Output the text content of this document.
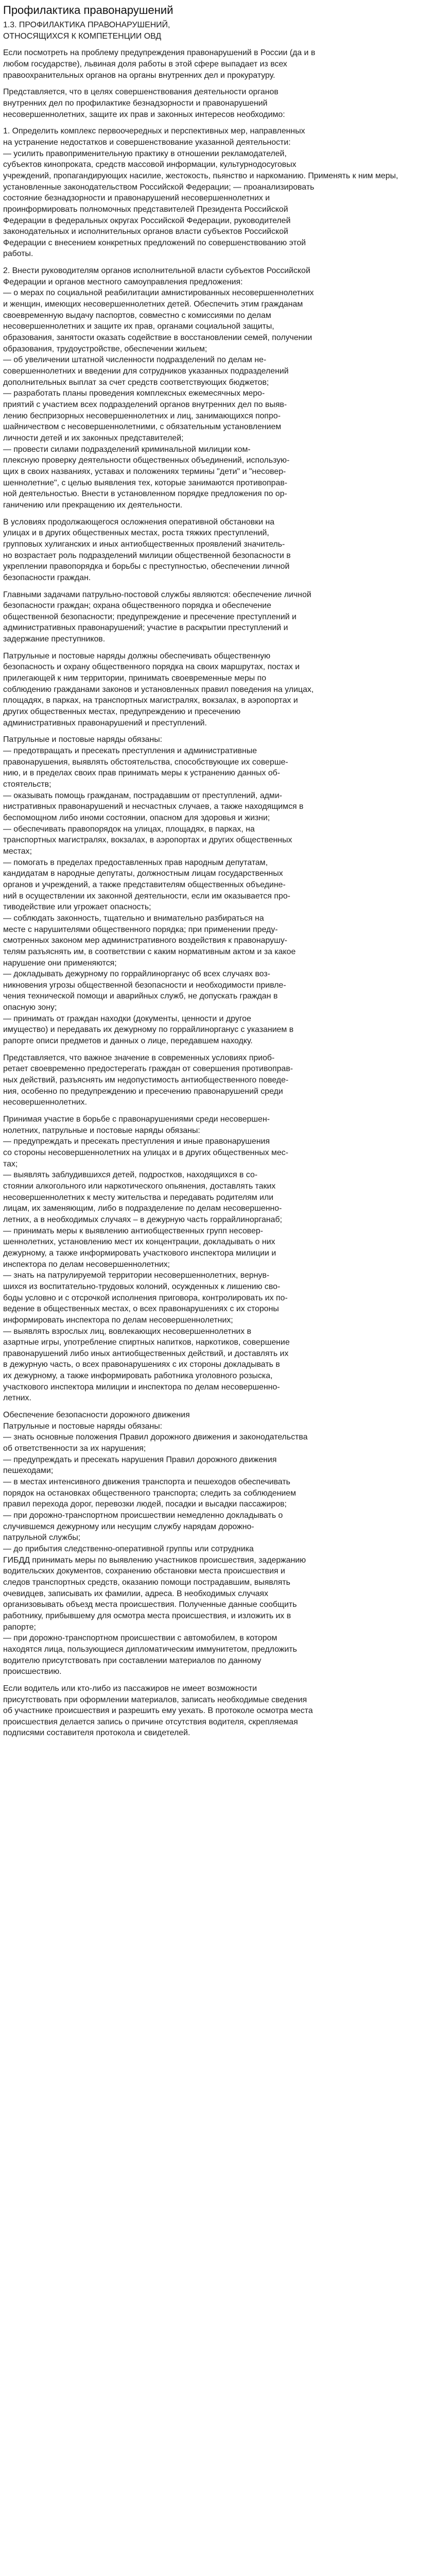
Профилактика правонарушений
1.3. ПРОФИЛАКТИКА ПРАВОНАРУШЕНИЙ,
ОТНОСЯЩИХСЯ К КОМПЕТЕНЦИИ ОВД
Если посмотреть на проблему предупреждения правонарушений в России (да и в
любом государстве), львиная доля работы в этой сфере выпадает из всех
правоохранительных органов на органы внутренних дел и прокуратуру.
Представляется, что в целях совершенствования деятельности органов
внутренних дел по профилактике безнадзорности и правонарушений
несовершеннолетних, защите их прав и законных интересов необходимо:
1. Определить комплекс первоочередных и перспективных мер, направленных
на устранение недостатков и совершенствование указанной деятельности:
— усилить правоприменительную практику в отношении рекламодателей,
субъектов кинопроката, средств массовой информации, культурнодосуговых
учреждений, пропагандирующих насилие, жестокость, пьянство и наркоманию. Применять к ним меры,
установленные законодательством Российской Федерации; — проанализировать
состояние безнадзорности и правонарушений несовершеннолетних и
проинформировать полномочных представителей Президента Российской
Федерации в федеральных округах Российской Федерации, руководителей
законодательных и исполнительных органов власти субъектов Российской
Федерации с внесением конкретных предложений по совершенствованию этой
работы.
2. Внести руководителям органов исполнительной власти субъектов Российской
Федерации и органов местного самоуправления предложения:
— о мерах по социальной реабилитации амнистированных несовершеннолетних
и женщин, имеющих несовершеннолетних детей. Обеспечить этим гражданам
своевременную выдачу паспортов, совместно с комиссиями по делам
несовершеннолетних и защите их прав, органами социальной защиты,
образования, занятости оказать содействие в восстановлении семей, получении
образования, трудоустройстве, обеспечении жильем;
— об увеличении штатной численности подразделений по делам не-
совершеннолетних и введении для сотрудников указанных подразделений
дополнительных выплат за счет средств соответствующих бюджетов;
— разработать планы проведения комплексных ежемесячных меро-
приятий с участием всех подразделений органов внутренних дел по выяв-
лению беспризорных несовершеннолетних и лиц, занимающихся попро-
шайничеством с несовершеннолетними, с обязательным установлением
личности детей и их законных представителей;
— провести силами подразделений криминальной милиции ком-
плексную проверку деятельности общественных объединений, использую-
щих в своих названиях, уставах и положениях термины "дети" и "несовер-
шеннолетние", с целью выявления тех, которые занимаются противоправ-
ной деятельностью. Внести в установленном порядке предложения по ор-
ганичению или прекращению их деятельности.
В условиях продолжающегося осложнения оперативной обстановки на
улицах и в других общественных местах, роста тяжких преступлений,
групповых хулиганских и иных антиобщественных проявлений значитель-
но возрастает роль подразделений милиции общественной безопасности в
укреплении правопорядка и борьбы с преступностью, обеспечении личной
безопасности граждан.
Главными задачами патрульно-постовой службы являются: обеспечение личной
безопасности граждан; охрана общественного порядка и обеспечение
общественной безопасности; предупреждение и пресечение преступлений и
административных правонарушений; участие в раскрытии преступлений и
задержание преступников.
Патрульные и постовые наряды должны обеспечивать общественную
безопасность и охрану общественного порядка на своих маршрутах, постах и
прилегающей к ним территории, принимать своевременные меры по
соблюдению гражданами законов и установленных правил поведения на улицах,
площадях, в парках, на транспортных магистралях, вокзалах, в аэропортах и
других общественных местах, предупреждению и пресечению
административных правонарушений и преступлений.
Патрульные и постовые наряды обязаны:
— предотвращать и пресекать преступления и административные
правонарушения, выявлять обстоятельства, способствующие их соверше-
нию, и в пределах своих прав принимать меры к устранению данных об-
стоятельств;
— оказывать помощь гражданам, пострадавшим от преступлений, адми-
нистративных правонарушений и несчастных случаев, а также находящимся в
беспомощном либо иноми состоянии, опасном для здоровья и жизни;
— обеспечивать правопорядок на улицах, площадях, в парках, на
транспортных магистралях, вокзалах, в аэропортах и других общественных
местах;
— помогать в пределах предоставленных прав народным депутатам,
кандидатам в народные депутаты, должностным лицам государственных
органов и учреждений, а также представителям общественных объедине-
ний в осуществлении их законной деятельности, если им оказывается про-
тиводействие или угрожает опасность;
— соблюдать законность, тщательно и внимательно разбираться на
месте с нарушителями общественного порядка; при применении преду-
смотренных законом мер административного воздействия к правонарушу-
телям разъяснять им, в соответствии с каким нормативным актом и за какое
нарушение они применяются;
— докладывать дежурному по горрайлинорганус об всех случаях воз-
никновения угрозы общественной безопасности и необходимости привле-
чения технической помощи и аварийных служб, не допускать граждан в
опасную зону;
— принимать от граждан находки (документы, ценности и другое
имущество) и передавать их дежурному по горрайлинорганус с указанием в
рапорте описи предметов и данных о лице, передавшем находку.
Представляется, что важное значение в современных условиях приоб-
ретает своевременно предостерегать граждан от совершения противоправ-
ных действий, разъяснять им недопустимость антиобщественного поведе-
ния, особенно по предупреждению и пресечению правонарушений среди
несовершеннолетних.
Принимая участие в борьбе с правонарушениями среди несовершен-
нолетних, патрульные и постовые наряды обязаны:
— предупреждать и пресекать преступления и иные правонарушения
со стороны несовершеннолетних на улицах и в других общественных мес-
тах;
— выявлять заблудившихся детей, подростков, находящихся в со-
стоянии алкогольного или наркотического опьянения, доставлять таких
несовершеннолетних к месту жительства и передавать родителям или
лицам, их заменяющим, либо в подразделение по делам несовершенно-
летних, а в необходимых случаях – в дежурную часть горрайлинорганаб;
— принимать меры к выявлению антиобщественных групп несовер-
шеннолетних, установлению мест их концентрации, докладывать о них
дежурному, а также информировать участкового инспектора милиции и
инспектора по делам несовершеннолетних;
— знать на патрулируемой территории несовершеннолетних, вернув-
шихся из воспитательно-трудовых колоний, осужденных к лишению сво-
боды условно и с отсрочкой исполнения приговора, контролировать их по-
ведение в общественных местах, о всех правонарушениях с их стороны
информировать инспектора по делам несовершеннолетних;
— выявлять взрослых лиц, вовлекающих несовершеннолетних в
азартные игры, употребление спиртных напитков, наркотиков, совершение
правонарушений либо иных антиобщественных действий, и доставлять их
в дежурную часть, о всех правонарушениях с их стороны докладывать в
их дежурному, а также информировать работника уголовного розыска,
участкового инспектора милиции и инспектора по делам несовершенно-
летних.
Обеспечение безопасности дорожного движения
Патрульные и постовые наряды обязаны:
— знать основные положения Правил дорожного движения и законодательства
об ответственности за их нарушения;
— предупреждать и пресекать нарушения Правил дорожного движения
пешеходами;
— в местах интенсивного движения транспорта и пешеходов обеспечивать
порядок на остановках общественного транспорта; следить за соблюдением
правил перехода дорог, перевозки людей, посадки и высадки пассажиров;
— при дорожно-транспортном происшествии немедленно докладывать о
случившемся дежурному или несущим службу нарядам дорожно-
патрульной службы;
— до прибытия следственно-оперативной группы или сотрудника
ГИБДД принимать меры по выявлению участников происшествия, задержанию
водительских документов, сохранению обстановки места происшествия и
следов транспортных средств, оказанию помощи пострадавшим, выявлять
очевидцев, записывать их фамилии, адреса. В необходимых случаях
организовывать объезд места происшествия. Полученные данные сообщить
работнику, прибывшему для осмотра места происшествия, и изложить их в
рапорте;
— при дорожно-транспортном происшествии с автомобилем, в котором
находятся лица, пользующиеся дипломатическим иммунитетом, предложить
водителю присутствовать при составлении материалов по данному
происшествию.
Если водитель или кто-либо из пассажиров не имеет возможности
присутствовать при оформлении материалов, записать необходимые сведения
об участнике происшествия и разрешить ему уехать. В протоколе осмотра места
происшествия делается запись о причине отсутствия водителя, скрепляемая
подписями составителя протокола и свидетелей.
